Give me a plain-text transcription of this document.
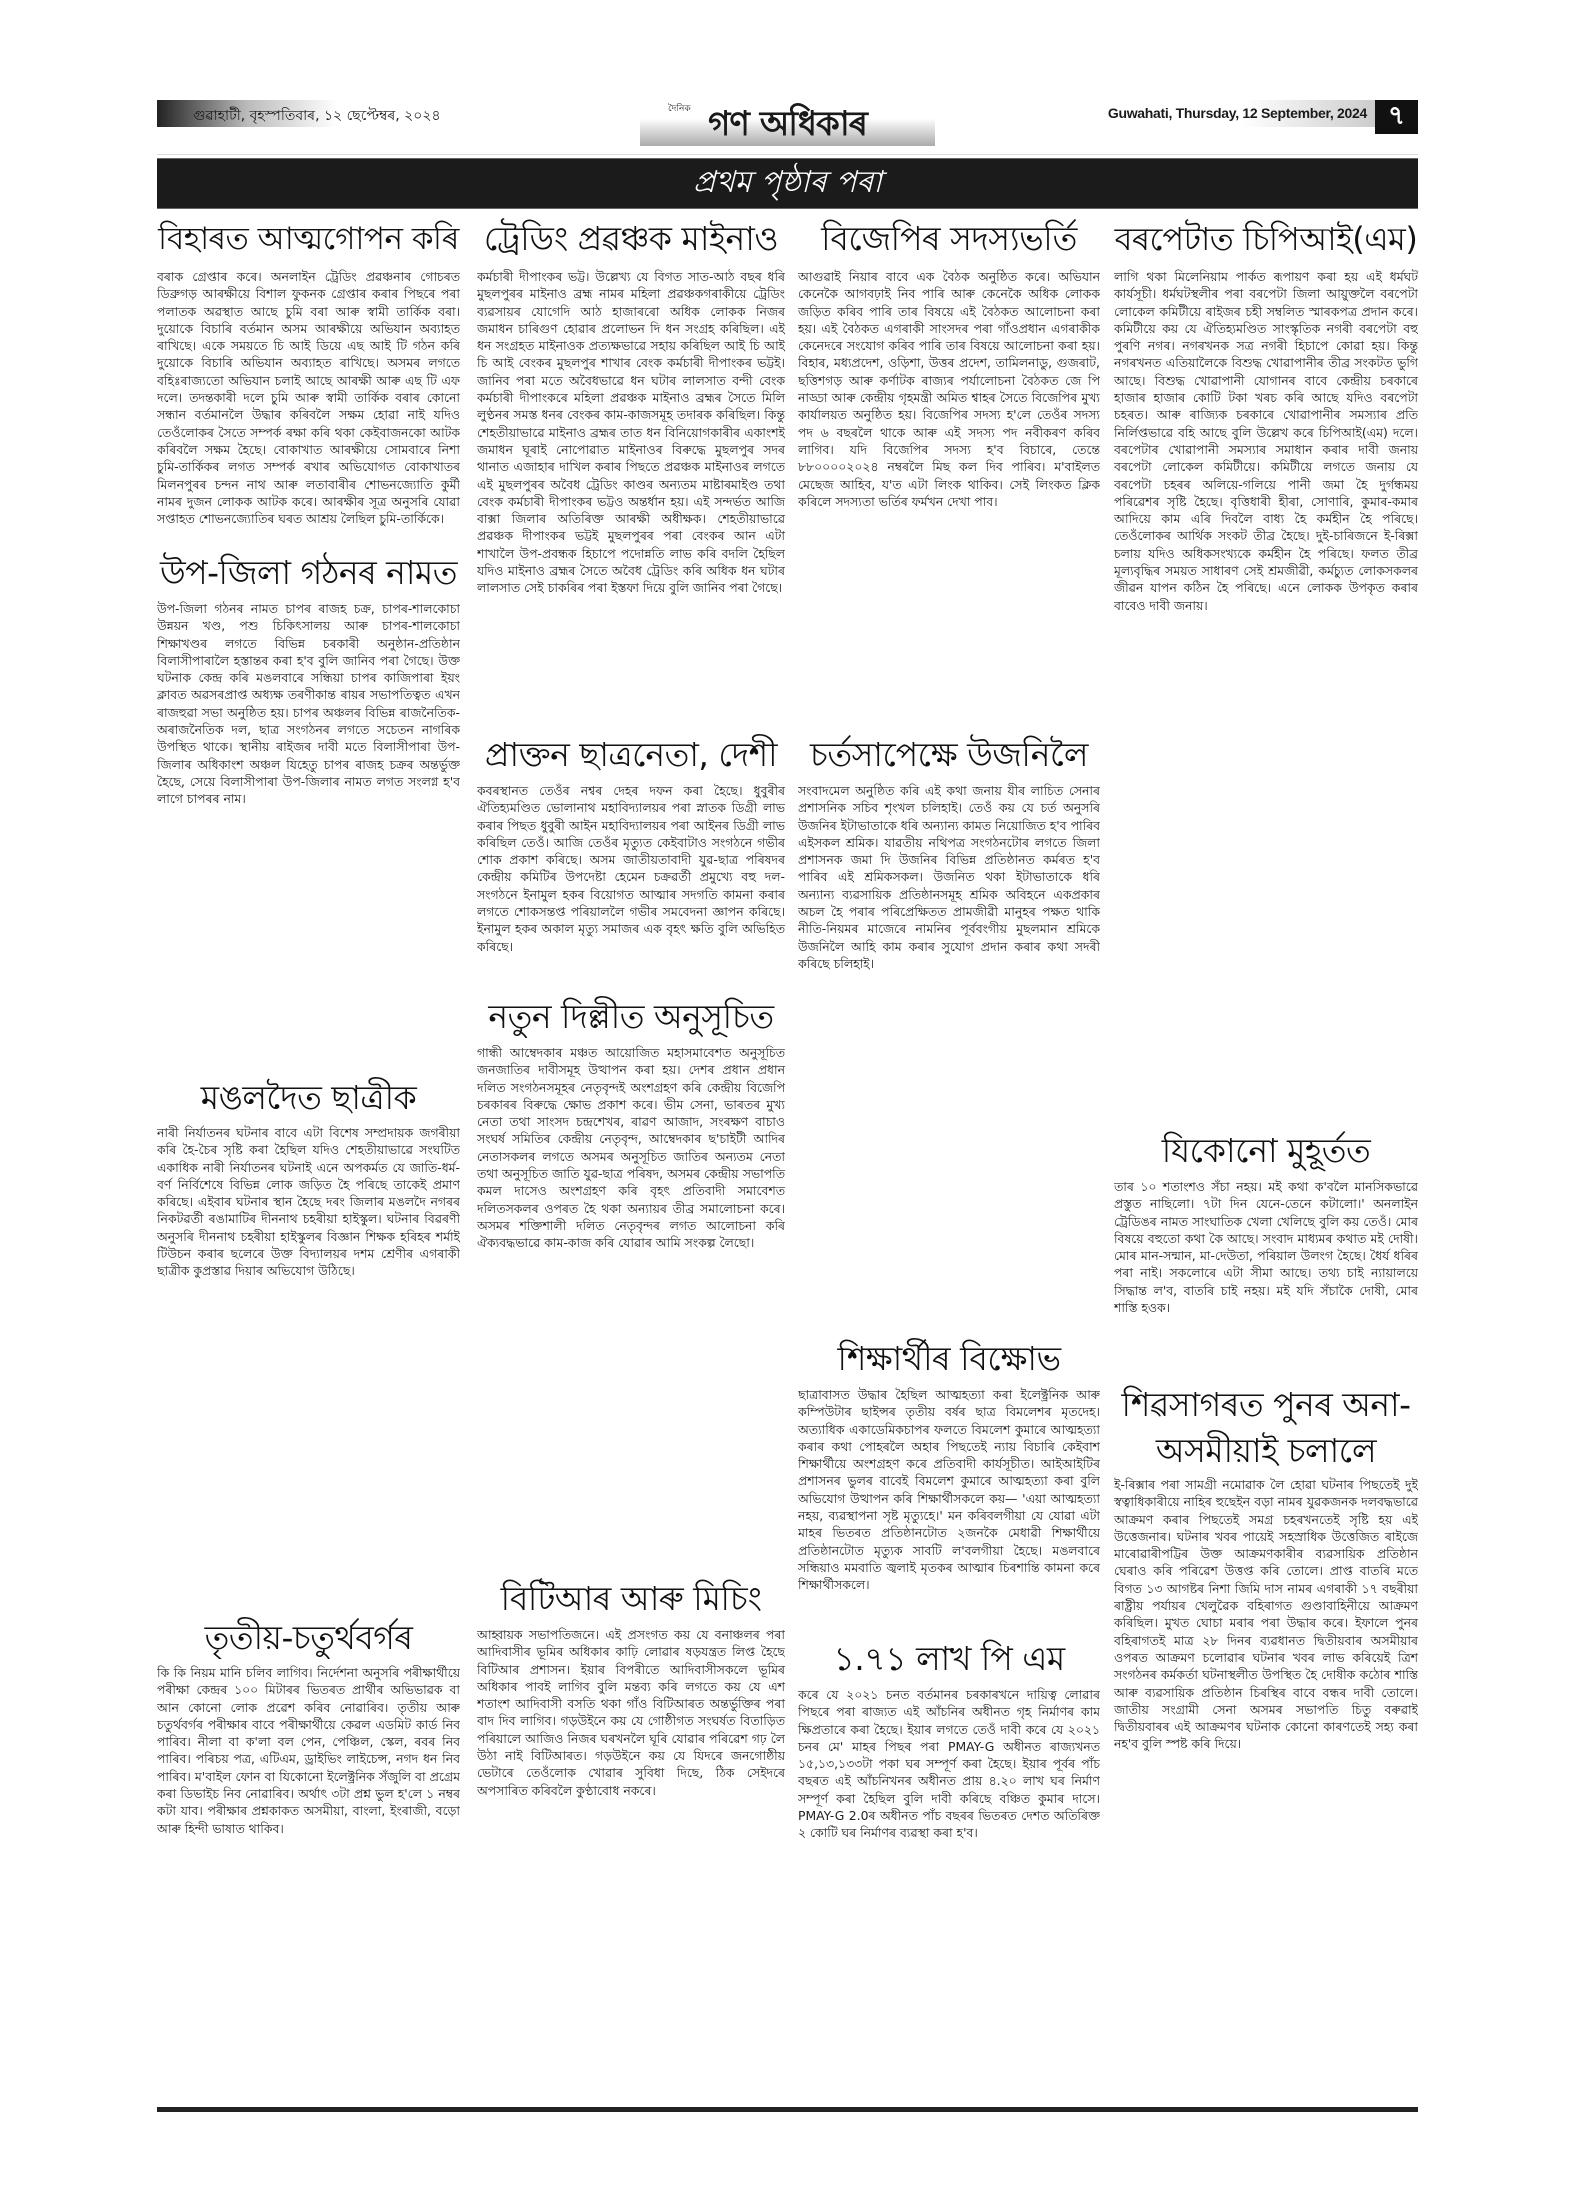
গুৱাহাটী, বৃহস্পতিবাৰ, ১২ ছেপ্টেম্বৰ, ২০২৪	দৈনিক গণ অধিকাৰ	Guwahati, Thursday, 12 September, 2024 ৭
প্ৰথম পৃষ্ঠাৰ পৰা
বিহাৰত আত্মগোপন কৰি
বৰাক গ্ৰেপ্তাৰ কৰে। অনলাইন ট্ৰেডিং প্ৰৱঞ্চনাৰ গোচৰত ডিব্ৰুগড় আৰক্ষীয়ে বিশাল ফুকনক গ্ৰেপ্তাৰ কৰাৰ পিছৰে পৰা পলাতক অৱস্থাত আছে চুমি বৰা আৰু স্বামী তাৰ্কিক বৰা। দুয়োকে বিচাৰি বৰ্তমান অসম আৰক্ষীয়ে অভিযান অব্যাহত ৰাখিছে। একে সময়তে চি আই ডিয়ে এছ আই টি গঠন কৰি দুয়োকে বিচাৰি অভিযান অব্যাহত ৰাখিছে। অসমৰ লগতে বহিঃৰাজ্যতো অভিযান চলাই আছে আৰক্ষী আৰু এছ টি এফ দলে। তদন্তকাৰী দলে চুমি আৰু স্বামী তাৰ্কিক বৰাৰ কোনো সন্ধান বৰ্তমানলৈ উদ্ধাৰ কৰিবলৈ সক্ষম হোৱা নাই যদিও তেওঁলোকৰ সৈতে সম্পৰ্ক ৰক্ষা কৰি থকা কেইবাজনকো আটক কৰিবলৈ সক্ষম হৈছে। বোকাখাত আৰক্ষীয়ে সোমবাৰে নিশা চুমি-তাৰ্কিকৰ লগত সম্পৰ্ক ৰখাৰ অভিযোগত বোকাখাতৰ মিলনপুৰৰ চন্দন নাথ আৰু লতাবাৰীৰ শোভনজ্যোতি কুৰ্মী নামৰ দুজন লোকক আটক কৰে। আৰক্ষীৰ সূত্ৰ অনুসৰি যোৱা সপ্তাহত শোভনজ্যোতিৰ ঘৰত আশ্ৰয় লৈছিল চুমি-তাৰ্কিকে।
উপ-জিলা গঠনৰ নামত
উপ-জিলা গঠনৰ নামত চাপৰ ৰাজহ চক্ৰ, চাপৰ-শালকোচা উন্নয়ন খণ্ড, পশু চিকিৎসালয় আৰু চাপৰ-শালকোচা শিক্ষাখণ্ডৰ লগতে বিভিন্ন চৰকাৰী অনুষ্ঠান-প্ৰতিষ্ঠান বিলাসীপাৰালৈ হস্তান্তৰ কৰা হ'ব বুলি জানিব পৰা গৈছে। উক্ত ঘটনাক কেন্দ্ৰ কৰি মঙলবাৰে সন্ধিয়া চাপৰ কাজিপাৰা ইয়ং ক্লাবত অৱসৰপ্ৰাপ্ত অধ্যক্ষ তৰণীকান্ত ৰায়ৰ সভাপতিত্বত এখন ৰাজহুৱা সভা অনুষ্ঠিত হয়। চাপৰ অঞ্চলৰ বিভিন্ন ৰাজনৈতিক-অৰাজনৈতিক দল, ছাত্ৰ সংগঠনৰ লগতে সচেতন নাগৰিক উপস্থিত থাকে। স্থানীয় ৰাইজৰ দাবী মতে বিলাসীপাৰা উপ-জিলাৰ অধিকাংশ অঞ্চল যিহেতু চাপৰ ৰাজহ চক্ৰৰ অন্তৰ্ভুক্ত হৈছে, সেয়ে বিলাসীপাৰা উপ-জিলাৰ নামত লগত সংলগ্ন হ'ব লাগে চাপৰৰ নাম।
মঙলদৈত ছাত্ৰীক
নাৰী নিৰ্যাতনৰ ঘটনাৰ বাবে এটা বিশেষ সম্প্ৰদায়ক জগৰীয়া কৰি হৈ-চৈৰ সৃষ্টি কৰা হৈছিল যদিও শেহতীয়াভাৱে সংঘটিত একাধিক নাৰী নিৰ্যাতনৰ ঘটনাই এনে অপকৰ্মত যে জাতি-ধৰ্ম-বৰ্ণ নিৰ্বিশেষে বিভিন্ন লোক জড়িত হৈ পৰিছে তাকেই প্ৰমাণ কৰিছে। এইবাৰ ঘটনাৰ স্থান হৈছে দৰং জিলাৰ মঙলদৈ নগৰৰ নিকটৱৰ্তী ৰঙামাটিৰ দীননাথ চহৰীয়া হাইস্কুল। ঘটনাৰ বিৱৰণী অনুসৰি দীননাথ চহৰীয়া হাইস্কুলৰ বিজ্ঞান শিক্ষক হৰিহৰ শৰ্মাই টিউচন কৰাৰ ছলেৰে উক্ত বিদ্যালয়ৰ দশম শ্ৰেণীৰ এগৰাকী ছাত্ৰীক কুপ্ৰস্তাৱ দিয়াৰ অভিযোগ উঠিছে।
তৃতীয়-চতুৰ্থবৰ্গৰ
কি কি নিয়ম মানি চলিব লাগিব। নিৰ্দেশনা অনুসৰি পৰীক্ষাৰ্থীয়ে পৰীক্ষা কেন্দ্ৰৰ ১০০ মিটাৰৰ ভিতৰত প্ৰাৰ্থীৰ অভিভাৱক বা আন কোনো লোক প্ৰৱেশ কৰিব নোৱাৰিব। তৃতীয় আৰু চতুৰ্থবৰ্গৰ পৰীক্ষাৰ বাবে পৰীক্ষাৰ্থীয়ে কেৱল এডমিট কাৰ্ড নিব পাৰিব। নীলা বা ক'লা বল পেন, পেঞ্চিল, স্কেল, ৰবৰ নিব পাৰিব। পৰিচয় পত্ৰ, এটিএম, ড্ৰাইভিং লাইচেন্স, নগদ ধন নিব পাৰিব। ম'বাইল ফোন বা যিকোনো ইলেক্ট্ৰনিক সঁজুলি বা প্ৰগ্ৰেম কৰা ডিভাইচ নিব নোৱাৰিব। অৰ্থাৎ ৩টা প্ৰশ্ন ভুল হ'লে ১ নম্বৰ কটা যাব। পৰীক্ষাৰ প্ৰশ্নকাকত অসমীয়া, বাংলা, ইংৰাজী, বড়ো আৰু হিন্দী ভাষাত থাকিব।
ট্ৰেডিং প্ৰৱঞ্চক মাইনাও
কৰ্মচাৰী দীপাংকৰ ভট্ট। উল্লেখ্য যে বিগত সাত-আঠ বছৰ ধৰি মুছলপুৰৰ মাইনাও ব্ৰহ্ম নামৰ মহিলা প্ৰৱঞ্চকগৰাকীয়ে ট্ৰেডিং ব্যৱসায়ৰ যোগেদি আঠ হাজাৰৰো অধিক লোকক নিজৰ জমাধন চাৰিগুণ হোৱাৰ প্ৰলোভন দি ধন সংগ্ৰহ কৰিছিল। এই ধন সংগ্ৰহত মাইনাওক প্ৰত্যক্ষভাৱে সহায় কৰিছিল আই চি আই চি আই বেংকৰ মুছলপুৰ শাখাৰ বেংক কৰ্মচাৰী দীপাংকৰ ভট্টই। জানিব পৰা মতে অবৈধভাৱে ধন ঘটাৰ লালসাত বন্দী বেংক কৰ্মচাৰী দীপাংকৰে মহিলা প্ৰৱঞ্চক মাইনাও ব্ৰহ্মৰ সৈতে মিলি লুণ্ঠনৰ সমস্ত ধনৰ বেংকৰ কাম-কাজসমূহ তদাৰক কৰিছিল। কিন্তু শেহতীয়াভাৱে মাইনাও ব্ৰহ্মৰ তাত ধন বিনিয়োগকাৰীৰ একাংশই জমাধন ঘূৰাই নোপোৱাত মাইনাওৰ বিৰুদ্ধে মুছলপুৰ সদৰ থানাত এজাহাৰ দাখিল কৰাৰ পিছতে প্ৰৱঞ্চক মাইনাওৰ লগতে এই মুছলপুৰৰ অবৈধ ট্ৰেডিং কাণ্ডৰ অন্যতম মাষ্টাৰমাইণ্ড তথা বেংক কৰ্মচাৰী দীপাংকৰ ভট্টও অন্তৰ্ধান হয়। এই সন্দৰ্ভত আজি বাক্সা জিলাৰ অতিৰিক্ত আৰক্ষী অধীক্ষক। শেহতীয়াভাৱে প্ৰৱঞ্চক দীপাংকৰ ভট্টই মুছলপুৰৰ পৰা বেংকৰ আন এটা শাখালৈ উপ-প্ৰবন্ধক হিচাপে পদোন্নতি লাভ কৰি বদলি হৈছিল যদিও মাইনাও ব্ৰহ্মৰ সৈতে অবৈধ ট্ৰেডিং কৰি অধিক ধন ঘটাৰ লালসাত সেই চাকৰিৰ পৰা ইস্তফা দিয়ে বুলি জানিব পৰা গৈছে।
প্ৰাক্তন ছাত্ৰনেতা, দেশী
কবৰস্থানত তেওঁৰ নশ্বৰ দেহৰ দফন কৰা হৈছে। ধুবুৰীৰ ঐতিহ্যমণ্ডিত ভোলানাথ মহাবিদ্যালয়ৰ পৰা স্নাতক ডিগ্ৰী লাভ কৰাৰ পিছত ধুবুৰী আইন মহাবিদ্যালয়ৰ পৰা আইনৰ ডিগ্ৰী লাভ কৰিছিল তেওঁ। আজি তেওঁৰ মৃত্যুত কেইবাটাও সংগঠনে গভীৰ শোক প্ৰকাশ কৰিছে। অসম জাতীয়তাবাদী যুৱ-ছাত্ৰ পৰিষদৰ কেন্দ্ৰীয় কমিটিৰ উপদেষ্টা হেমেন চক্ৰৱৰ্তী প্ৰমুখ্যে বহু দল-সংগঠনে ইনামুল হকৰ বিয়োগত আত্মাৰ সদগতি কামনা কৰাৰ লগতে শোকসন্তপ্ত পৰিয়াললৈ গভীৰ সমবেদনা জ্ঞাপন কৰিছে। ইনামুল হকৰ অকাল মৃত্যু সমাজৰ এক বৃহৎ ক্ষতি বুলি অভিহিত কৰিছে।
নতুন দিল্লীত অনুসূচিত
গান্ধী আম্বেদকাৰ মঞ্চত আয়োজিত মহাসমাবেশত অনুসূচিত জনজাতিৰ দাবীসমূহ উত্থাপন কৰা হয়। দেশৰ প্ৰধান প্ৰধান দলিত সংগঠনসমূহৰ নেতৃবৃন্দই অংশগ্ৰহণ কৰি কেন্দ্ৰীয় বিজেপি চৰকাৰৰ বিৰুদ্ধে ক্ষোভ প্ৰকাশ কৰে। ভীম সেনা, ভাৰতৰ মুখ্য নেতা তথা সাংসদ চন্দ্ৰশেখৰ, ৰাৱণ আজাদ, সংৰক্ষণ বাচাও সংঘৰ্ষ সমিতিৰ কেন্দ্ৰীয় নেতৃবৃন্দ, আম্বেদকাৰ ছ'চাইটী আদিৰ নেতাসকলৰ লগতে অসমৰ অনুসূচিত জাতিৰ অন্যতম নেতা তথা অনুসূচিত জাতি যুৱ-ছাত্ৰ পৰিষদ, অসমৰ কেন্দ্ৰীয় সভাপতি কমল দাসেও অংশগ্ৰহণ কৰি বৃহৎ প্ৰতিবাদী সমাবেশত দলিতসকলৰ ওপৰত হৈ থকা অন্যায়ৰ তীব্ৰ সমালোচনা কৰে। অসমৰ শক্তিশালী দলিত নেতৃবৃন্দৰ লগত আলোচনা কৰি ঐক্যবদ্ধভাৱে কাম-কাজ কৰি যোৱাৰ আমি সংকল্প লৈছো।
বিটিআৰ আৰু মিচিং
আহ্বায়ক সভাপতিজনে। এই প্ৰসংগত কয় যে বনাঞ্চলৰ পৰা আদিবাসীৰ ভূমিৰ অধিকাৰ কাঢ়ি লোৱাৰ ষড়যন্ত্ৰত লিপ্ত হৈছে বিটিআৰ প্ৰশাসন। ইয়াৰ বিপৰীতে আদিবাসীসকলে ভূমিৰ অধিকাৰ পাবই লাগিব বুলি মন্তব্য কৰি লগতে কয় যে এশ শতাংশ আদিবাসী বসতি থকা গাঁও বিটিআৰত অন্তৰ্ভুক্তিৰ পৰা বাদ দিব লাগিব। গড়উইনে কয় যে গোষ্ঠীগত সংঘৰ্ষত বিতাড়িত পৰিয়ালে আজিও নিজৰ ঘৰখনলৈ ঘূৰি যোৱাৰ পৰিৱেশ গঢ় লৈ উঠা নাই বিটিআৰত। গড়উইনে কয় যে যিদৰে জনগোষ্ঠীয় ভেটাৰে তেওঁলোক খোৱাৰ সুবিধা দিছে, ঠিক সেইদৰে অপসাৰিত কৰিবলৈ কুণ্ঠাবোধ নকৰে।
বিজেপিৰ সদস্যভৰ্তি
আগুৱাই নিয়াৰ বাবে এক বৈঠক অনুষ্ঠিত কৰে। অভিযান কেনেকৈ আগবঢ়াই নিব পাৰি আৰু কেনেকৈ অধিক লোকক জড়িত কৰিব পাৰি তাৰ বিষয়ে এই বৈঠকত আলোচনা কৰা হয়। এই বৈঠকত এগৰাকী সাংসদৰ পৰা গাঁওপ্ৰধান এগৰাকীক কেনেদৰে সংযোগ কৰিব পাৰি তাৰ বিষয়ে আলোচনা কৰা হয়। বিহাৰ, মধ্যপ্ৰদেশ, ওড়িশা, উত্তৰ প্ৰদেশ, তামিলনাডু, গুজৰাট, ছত্তিশগড় আৰু কৰ্ণাটক ৰাজ্যৰ পৰ্যালোচনা বৈঠকত জে পি নাড্ডা আৰু কেন্দ্ৰীয় গৃহমন্ত্ৰী অমিত শ্বাহৰ সৈতে বিজেপিৰ মুখ্য কাৰ্যালয়ত অনুষ্ঠিত হয়। বিজেপিৰ সদস্য হ'লে তেওঁৰ সদস্য পদ ৬ বছৰলৈ থাকে আৰু এই সদস্য পদ নবীকৰণ কৰিব লাগিব। যদি বিজেপিৰ সদস্য হ'ব বিচাৰে, তেন্তে ৮৮০০০০২০২৪ নম্বৰলৈ মিছ কল দিব পাৰিব। ম'বাইলত মেছেজ আহিব, য'ত এটা লিংক থাকিব। সেই লিংকত ক্লিক কৰিলে সদস্যতা ভৰ্তিৰ ফৰ্মখন দেখা পাব।
চৰ্তসাপেক্ষে উজনিলৈ
সংবাদমেল অনুষ্ঠিত কৰি এই কথা জনায় যীৰ লাচিত সেনাৰ প্ৰশাসনিক সচিব শৃংখল চলিহাই। তেওঁ কয় যে চৰ্ত অনুসৰি উজনিৰ ইটাভাতাকে ধৰি অন্যান্য কামত নিয়োজিত হ'ব পাৰিব এইসকল শ্ৰমিক। যাৱতীয় নথিপত্ৰ সংগঠনটোৰ লগতে জিলা প্ৰশাসনক জমা দি উজনিৰ বিভিন্ন প্ৰতিষ্ঠানত কৰ্মৰত হ'ব পাৰিব এই শ্ৰমিকসকল। উজনিত থকা ইটাভাতাকে ধৰি অন্যান্য ব্যৱসায়িক প্ৰতিষ্ঠানসমূহ শ্ৰমিক অবিহনে একপ্ৰকাৰ অচল হৈ পৰাৰ পৰিপ্ৰেক্ষিতত প্ৰামজীৱী মানুহৰ পক্ষত থাকি নীতি-নিয়মৰ মাজেৰে নামনিৰ পূৰ্ববংগীয় মুছলমান শ্ৰমিকে উজনিলৈ আহি কাম কৰাৰ সুযোগ প্ৰদান কৰাৰ কথা সদৰী কৰিছে চলিহাই।
শিক্ষাৰ্থীৰ বিক্ষোভ
ছাত্ৰাবাসত উদ্ধাৰ হৈছিল আত্মহত্যা কৰা ইলেক্ট্ৰনিক আৰু কম্পিউটাৰ ছাইন্সৰ তৃতীয় বৰ্ষৰ ছাত্ৰ বিমলেশৰ মৃতদেহ। অত্যাধিক একাডেমিকচাপৰ ফলতে বিমলেশ কুমাৰে আত্মহত্যা কৰাৰ কথা পোহৰলৈ অহাৰ পিছতেই ন্যায় বিচাৰি কেইবাশ শিক্ষাৰ্থীয়ে অংশগ্ৰহণ কৰে প্ৰতিবাদী কাৰ্যসূচীত। আইআইটিৰ প্ৰশাসনৰ ভুলৰ বাবেই বিমলেশ কুমাৰে আত্মহত্যা কৰা বুলি অভিযোগ উত্থাপন কৰি শিক্ষাৰ্থীসকলে কয়— 'এয়া আত্মহত্যা নহয়, ব্যৱস্থাপনা সৃষ্ট মৃত্যুহে।' মন কৰিবলগীয়া যে যোৱা এটা মাহৰ ভিতৰত প্ৰতিষ্ঠানটোত ২জনকৈ মেধাৱী শিক্ষাৰ্থীয়ে প্ৰতিষ্ঠানটোত মৃত্যুক সাবটি ল'বলগীয়া হৈছে। মঙলবাৰে সন্ধিয়াও মমবাতি জ্বলাই মৃতকৰ আত্মাৰ চিৰশান্তি কামনা কৰে শিক্ষাৰ্থীসকলে।
১.৭১ লাখ পি এম
কৰে যে ২০২১ চনত বৰ্তমানৰ চৰকাৰখনে দায়িত্ব লোৱাৰ পিছৰে পৰা ৰাজ্যত এই আঁচনিৰ অধীনত গৃহ নিৰ্মাণৰ কাম ক্ষিপ্ৰতাৰে কৰা হৈছে। ইয়াৰ লগতে তেওঁ দাবী কৰে যে ২০২১ চনৰ মে' মাহৰ পিছৰ পৰা PMAY-G অধীনত ৰাজ্যখনত ১৫,১৩,১৩৩টা পকা ঘৰ সম্পূৰ্ণ কৰা হৈছে। ইয়াৰ পূৰ্বৰ পাঁচ বছৰত এই আঁচনিখনৰ অধীনত প্ৰায় ৪.২০ লাখ ঘৰ নিৰ্মাণ সম্পূৰ্ণ কৰা হৈছিল বুলি দাবী কৰিছে বঞ্চিত কুমাৰ দাসে। PMAY-G 2.0ৰ অধীনত পাঁচ বছৰৰ ভিতৰত দেশত অতিৰিক্ত ২ কোটি ঘৰ নিৰ্মাণৰ ব্যৱস্থা কৰা হ'ব।
বৰপেটাত চিপিআই(এম)
লাগি থকা মিলেনিয়াম পাৰ্কত ৰূপায়ণ কৰা হয় এই ধৰ্মঘট কাৰ্যসূচী। ধৰ্মঘটস্থলীৰ পৰা বৰপেটা জিলা আয়ুক্তলৈ বৰপেটা লোকেল কমিটীয়ে ৰাইজৰ চহী সম্বলিত স্মাৰকপত্ৰ প্ৰদান কৰে। কমিটীয়ে কয় যে ঐতিহ্যমণ্ডিত সাংস্কৃতিক নগৰী বৰপেটা বহু পুৰণি নগৰ। নগৰখনক সত্ৰ নগৰী হিচাপে কোৱা হয়। কিন্তু নগৰখনত এতিয়ালৈকে বিশুদ্ধ খোৱাপানীৰ তীব্ৰ সংকটত ভুগি আছে। বিশুদ্ধ খোৱাপানী যোগানৰ বাবে কেন্দ্ৰীয় চৰকাৰে হাজাৰ হাজাৰ কোটি টকা খৰচ কৰি আছে যদিও বৰপেটা চহৰত। আৰু ৰাজ্যিক চৰকাৰে খোৱাপানীৰ সমস্যাৰ প্ৰতি নিৰ্লিপ্তভাৱে বহি আছে বুলি উল্লেখ কৰে চিপিআই(এম) দলে। বৰপেটাৰ খোৱাপানী সমস্যাৰ সমাধান কৰাৰ দাবী জনায় বৰপেটা লোকেল কমিটীয়ে। কমিটীয়ে লগতে জনায় যে বৰপেটা চহৰৰ অলিয়ে-গলিয়ে পানী জমা হৈ দুৰ্গন্ধময় পৰিৱেশৰ সৃষ্টি হৈছে। বৃত্তিধাৰী হীৰা, সোণাৰি, কুমাৰ-কমাৰ আদিয়ে কাম এৰি দিবলৈ বাধ্য হৈ কৰ্মহীন হৈ পৰিছে। তেওঁলোকৰ আৰ্থিক সংকট তীব্ৰ হৈছে। দুই-চাৰিজনে ই-ৰিক্সা চলায় যদিও অধিকসংখ্যকে কৰ্মহীন হৈ পৰিছে। ফলত তীব্ৰ মূল্যবৃদ্ধিৰ সময়ত সাধাৰণ সেই শ্ৰমজীৱী, কৰ্মচ্যুত লোকসকলৰ জীৱন যাপন কঠিন হৈ পৰিছে। এনে লোকক উপকৃত কৰাৰ বাবেও দাবী জনায়।
যিকোনো মুহূৰ্তত
তাৰ ১০ শতাংশও সঁচা নহয়। মই কথা ক'বলৈ মানসিকভাৱে প্ৰস্তুত নাছিলো। ৭টা দিন যেনে-তেনে কটালো।' অনলাইন ট্ৰেডিঙৰ নামত সাংঘাতিক খেলা খেলিছে বুলি কয় তেওঁ। মোৰ বিষয়ে বহুতো কথা কৈ আছে। সংবাদ মাধ্যমৰ কথাত মই দোষী। মোৰ মান-সন্মান, মা-দেউতা, পৰিয়াল উলংগ হৈছে। ধৈৰ্য ধৰিৰ পৰা নাই। সকলোৰে এটা সীমা আছে। তথ্য চাই ন্যায়ালয়ে সিদ্ধান্ত ল'ব, বাতৰি চাই নহয়। মই যদি সঁচাকৈ দোষী, মোৰ শাস্তি হওক।
শিৱসাগৰত পুনৰ অনা-অসমীয়াই চলালে
ই-ৰিক্সাৰ পৰা সামগ্ৰী নমোৱাক লৈ হোৱা ঘটনাৰ পিছতেই দুই স্বত্বাধিকাৰীয়ে নাহিৰ হুছেইন বড়া নামৰ যুৱকজনক দলবদ্ধভাৱে আক্ৰমণ কৰাৰ পিছতেই সমগ্ৰ চহৰখনতেই সৃষ্টি হয় এই উত্তেজনাৰ। ঘটনাৰ খবৰ পায়েই সহস্ৰাধিক উত্তেজিত ৰাইজে মাৰোৱাৰীপট্টিৰ উক্ত আক্ৰমণকাৰীৰ ব্যৱসায়িক প্ৰতিষ্ঠান ঘেৰাও কৰি পৰিৱেশ উত্তপ্ত কৰি তোলে। প্ৰাপ্ত বাতৰি মতে বিগত ১৩ আগষ্টৰ নিশা জিমি দাস নামৰ এগৰাকী ১৭ বছৰীয়া ৰাষ্ট্ৰীয় পৰ্যায়ৰ খেলুৱৈক বহিৰাগত গুণ্ডাবাহিনীয়ে আক্ৰমণ কৰিছিল। মুখত ঘোচা মৰাৰ পৰা উদ্ধাৰ কৰে। ইফালে পুনৰ বহিৰাগতই মাত্ৰ ২৮ দিনৰ ব্যৱধানত দ্বিতীয়বাৰ অসমীয়াৰ ওপৰত আক্ৰমণ চলোৱাৰ ঘটনাৰ খবৰ লাভ কৰিয়েই ত্ৰিশ সংগঠনৰ কৰ্মকৰ্তা ঘটনাস্থলীত উপস্থিত হৈ দোষীক কঠোৰ শাস্তি আৰু ব্যৱসায়িক প্ৰতিষ্ঠান চিৰস্থিৰ বাবে বন্ধৰ দাবী তোলে। জাতীয় সংগ্ৰামী সেনা অসমৰ সভাপতি চিতু বৰুৱাই দ্বিতীয়বাৰৰ এই আক্ৰমণৰ ঘটনাক কোনো কাৰণতেই সহ্য কৰা নহ'ব বুলি স্পষ্ট কৰি দিয়ে।
